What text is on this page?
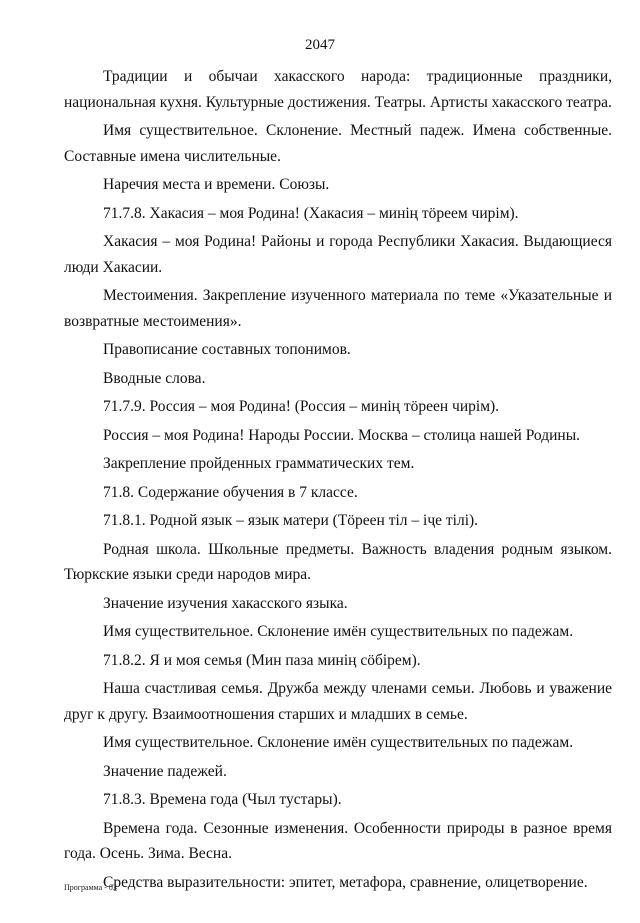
2047

Традиции и обычаи хакасского народа: традиционные праздники, национальная кухня. Культурные достижения. Театры. Артисты хакасского театра.

Имя существительное. Склонение. Местный падеж. Имена собственные. Составные имена числительные.

Наречия места и времени. Союзы.

71.7.8. Хакасия – моя Родина! (Хакасия – минiң тӧреем чирiм).

Хакасия – моя Родина! Районы и города Республики Хакасия. Выдающиеся люди Хакасии.

Местоимения. Закрепление изученного материала по теме «Указательные и возвратные местоимения».

Правописание составных топонимов.

Вводные слова.

71.7.9. Россия – моя Родина! (Россия – минiң тӧреен чирiм).

Россия – моя Родина! Народы России. Москва – столица нашей Родины.

Закрепление пройденных грамматических тем.

71.8. Содержание обучения в 7 классе.

71.8.1. Родной язык – язык матери (Тӧреен тiл – iҷе тiлi).

Родная школа. Школьные предметы. Важность владения родным языком. Тюркские языки среди народов мира.

Значение изучения хакасского языка.

Имя существительное. Склонение имён существительных по падежам.

71.8.2. Я и моя семья (Мин паза минiң сӧбiрем).

Наша счастливая семья. Дружба между членами семьи. Любовь и уважение друг к другу. Взаимоотношения старших и младших в семье.

Имя существительное. Склонение имён существительных по падежам.

Значение падежей.

71.8.3. Времена года (Чыл тустары).

Времена года. Сезонные изменения. Особенности природы в разное время года. Осень. Зима. Весна.

Средства выразительности: эпитет, метафора, сравнение, олицетворение.

Программа - 03
